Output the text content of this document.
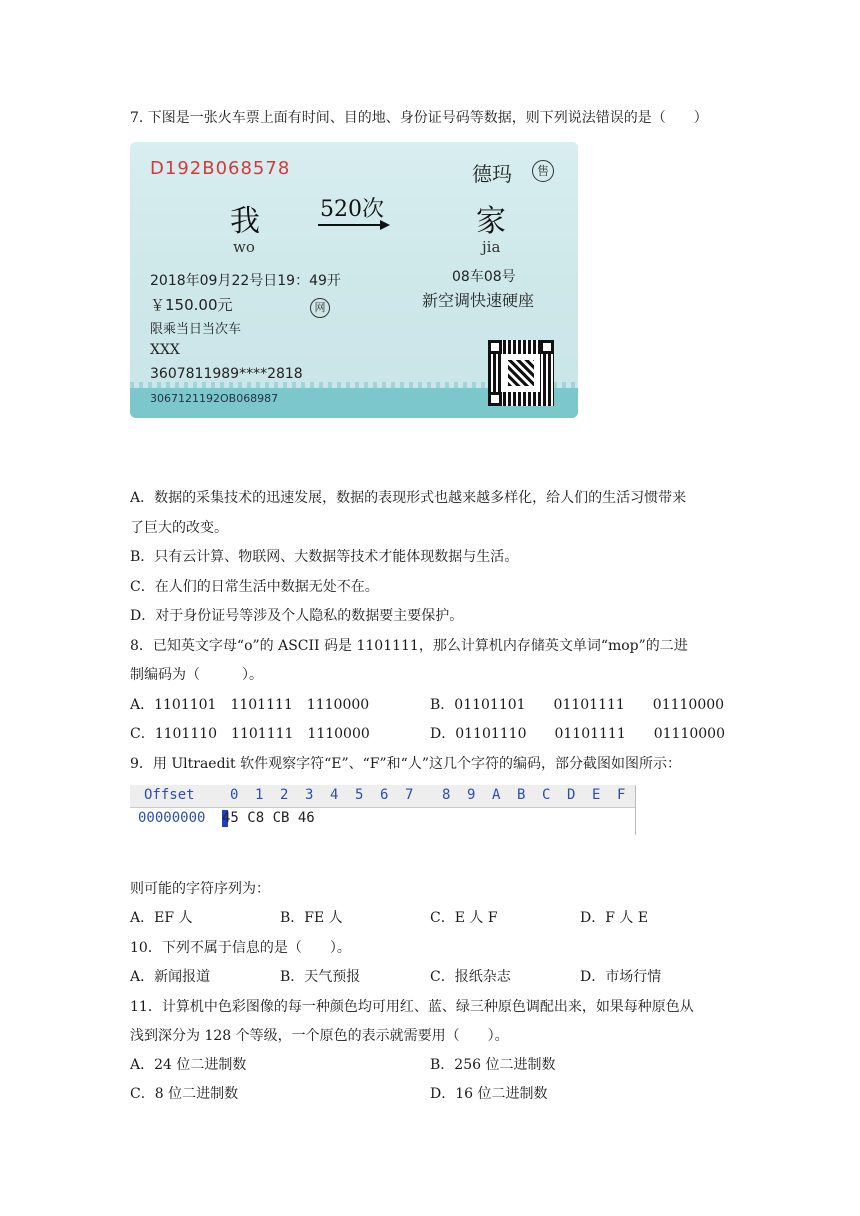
7. 下图是一张火车票上面有时间、目的地、身份证号码等数据，则下列说法错误的是（　　）
D192B068578	德玛	售
我	520次	家
wo	jia
2018年09月22号日19：49开	08车08号
￥150.00元	网	新空调快速硬座
限乘当日当次车
XXX
3607811989****2818
3067121192OB068987
A．数据的采集技术的迅速发展，数据的表现形式也越来越多样化，给人们的生活习惯带来
了巨大的改变。
B．只有云计算、物联网、大数据等技术才能体现数据与生活。
C．在人们的日常生活中数据无处不在。
D．对于身份证号等涉及个人隐私的数据要主要保护。
8．已知英文字母“o”的 ASCII 码是 1101111，那么计算机内存储英文单词“mop”的二进
制编码为（　　　）。
A．1101101　1101111　1110000	B．01101101　　01101111　　01110000
C．1101110　1101111　1110000	D．01101110　　01101111　　01110000
9．用 Ultraedit 软件观察字符“E”、“F”和“人”这几个字符的编码，部分截图如图所示：
Offset	0 1 2 3 4 5 6 7 8 9 A B C D E F
00000000 45 C8 CB 46
则可能的字符序列为：
A．EF 人	B．FE 人	C．E 人 F	D．F 人 E
10．下列不属于信息的是（　　）。
A．新闻报道	B．天气预报	C．报纸杂志	D．市场行情
11．计算机中色彩图像的每一种颜色均可用红、蓝、绿三种原色调配出来，如果每种原色从
浅到深分为 128 个等级，一个原色的表示就需要用（　　）。
A．24 位二进制数	B．256 位二进制数
C．8 位二进制数	D．16 位二进制数
